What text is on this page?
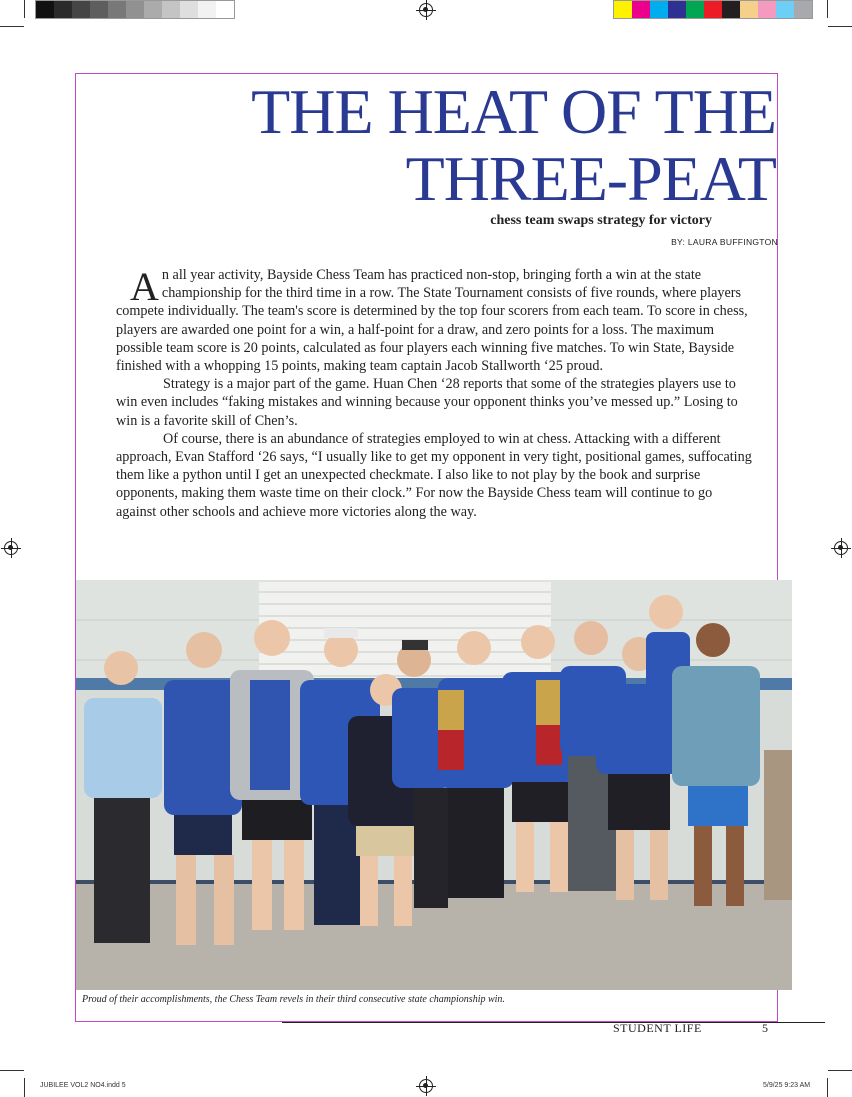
THE HEAT OF THE
THREE-PEAT
chess team swaps strategy for victory
BY: LAURA BUFFINGTON

An all year activity, Bayside Chess Team has practiced non-stop, bringing forth a win at the state championship for the third time in a row. The State Tournament consists of five rounds, where players compete individually. The team's score is determined by the top four scorers from each team. To score in chess, players are awarded one point for a win, a half-point for a draw, and zero points for a loss. The maximum possible team score is 20 points, calculated as four players each winning five matches. To win State, Bayside finished with a whopping 15 points, making team captain Jacob Stallworth ‘25 proud.

Strategy is a major part of the game. Huan Chen ‘28 reports that some of the strategies players use to win even includes “faking mistakes and winning because your opponent thinks you’ve messed up.” Losing to win is a favorite skill of Chen’s.

Of course, there is an abundance of strategies employed to win at chess. Attacking with a different approach, Evan Stafford ‘26 says, “I usually like to get my opponent in very tight, positional games, suffocating them like a python until I get an unexpected checkmate. I also like to not play by the book and surprise opponents, making them waste time on their clock.” For now the Bayside Chess team will continue to go against other schools and achieve more victories along the way.

Proud of their accomplishments, the Chess Team revels in their third consecutive state championship win.
STUDENT LIFE	5
JUBILEE VOL2 NO4.indd 5	5/9/25 9:23 AM
